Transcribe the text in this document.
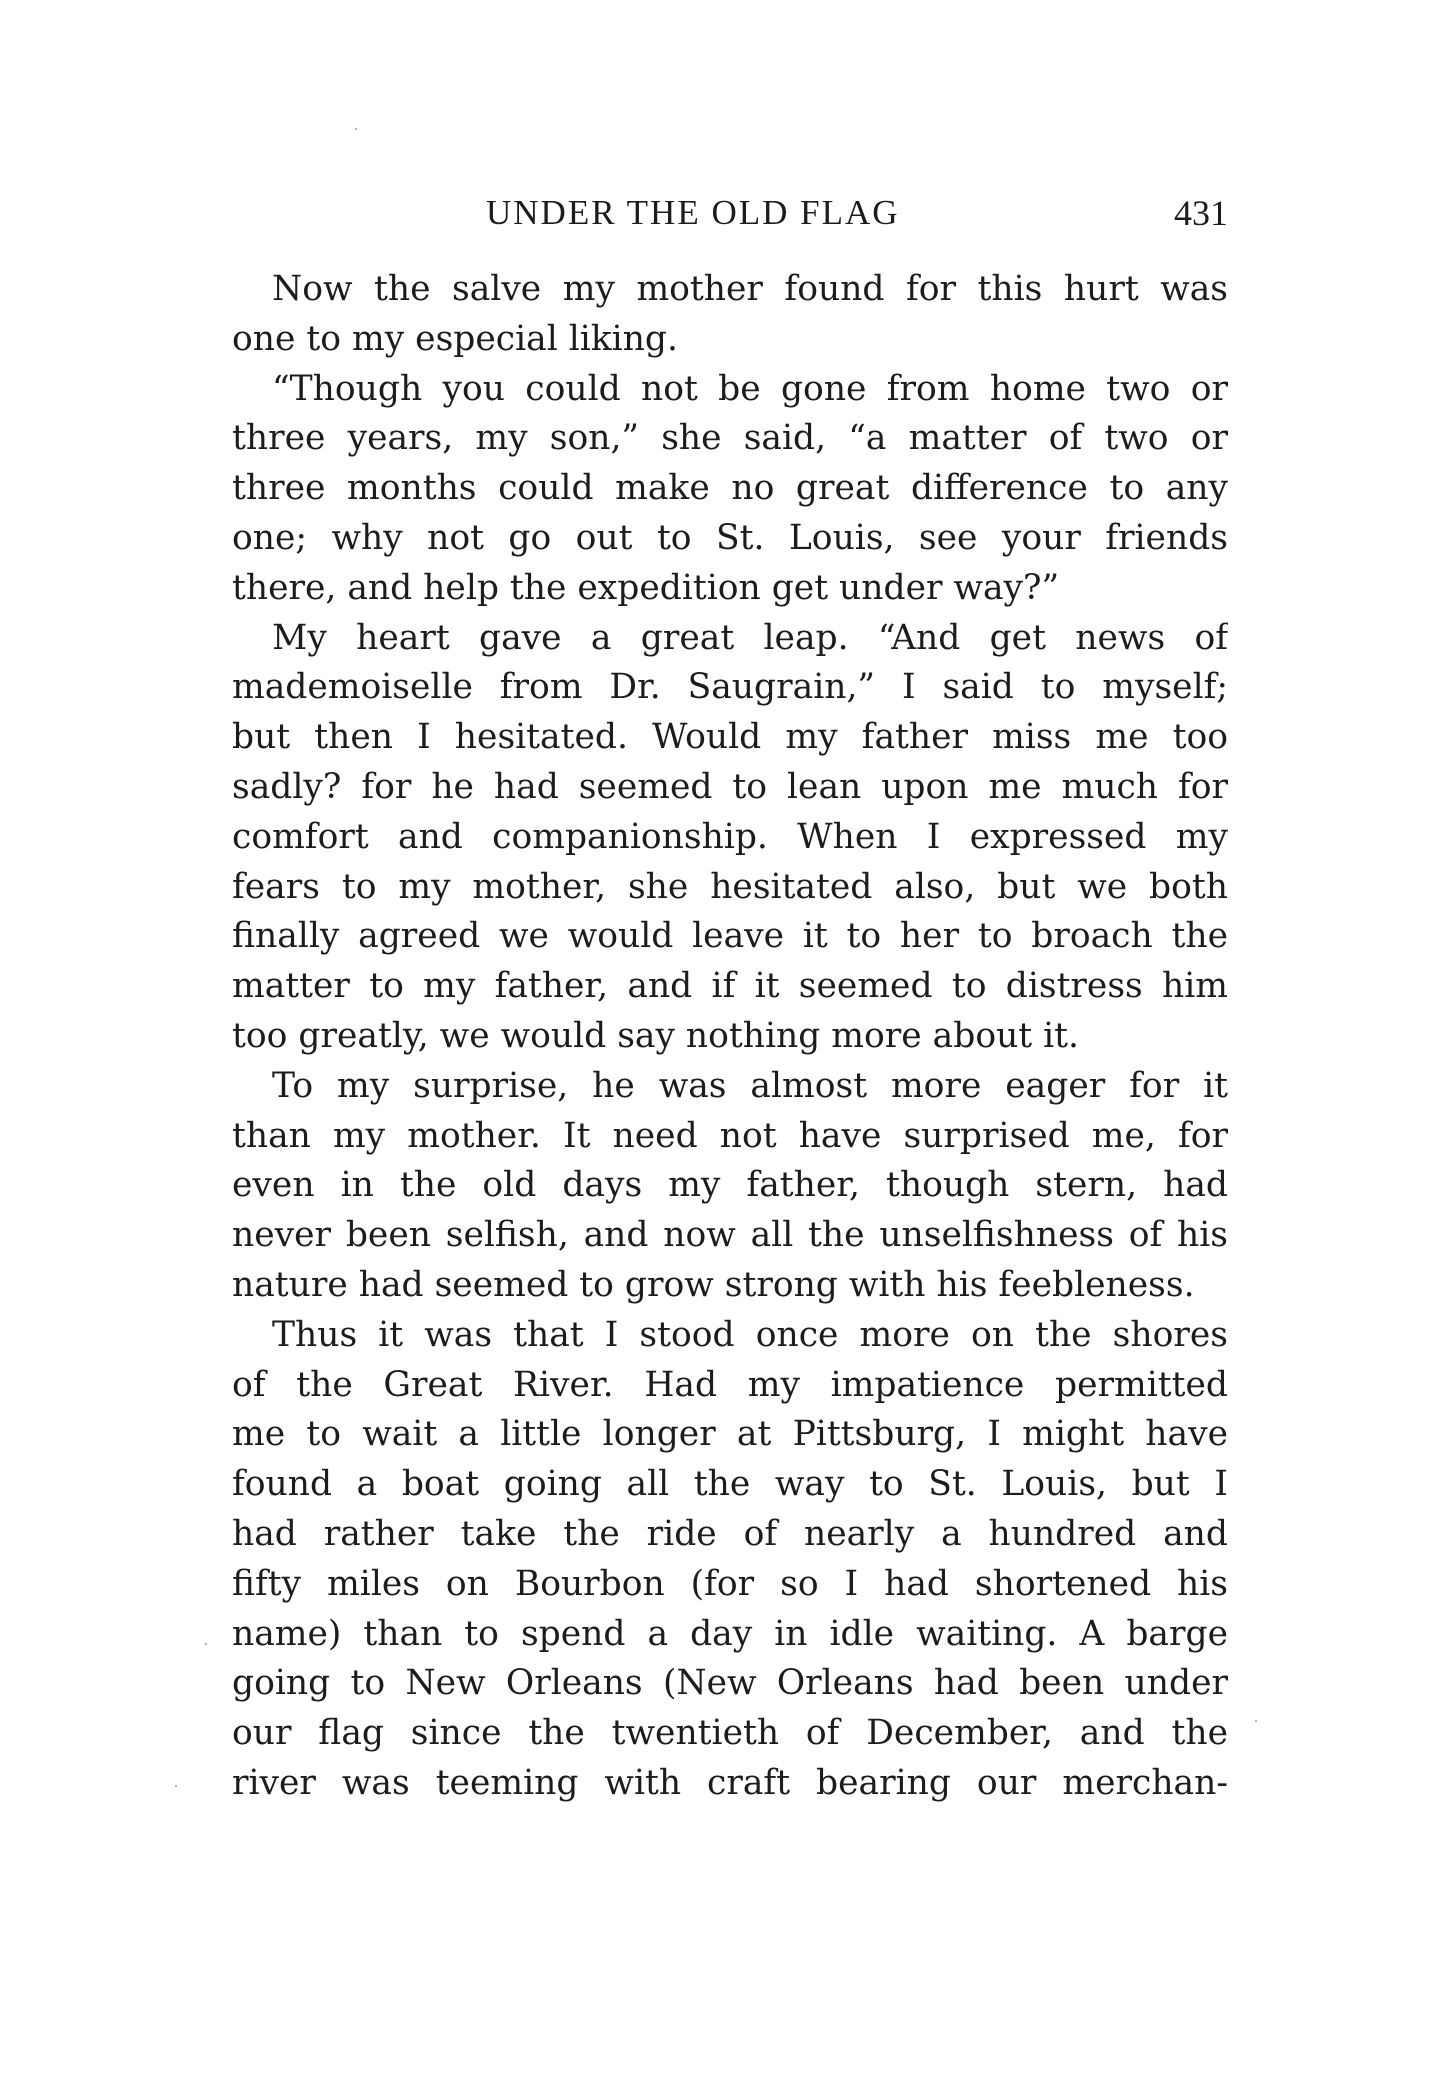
UNDER THE OLD FLAG	431
Now the salve my mother found for this hurt was
one to my especial liking.
“Though you could not be gone from home two or
three years, my son,” she said, “a matter of two or
three months could make no great difference to any
one; why not go out to St. Louis, see your friends
there, and help the expedition get under way?”
My heart gave a great leap. “And get news of
mademoiselle from Dr. Saugrain,” I said to myself;
but then I hesitated. Would my father miss me too
sadly? for he had seemed to lean upon me much for
comfort and companionship. When I expressed my
fears to my mother, she hesitated also, but we both
finally agreed we would leave it to her to broach the
matter to my father, and if it seemed to distress him
too greatly, we would say nothing more about it.
To my surprise, he was almost more eager for it
than my mother. It need not have surprised me, for
even in the old days my father, though stern, had
never been selfish, and now all the unselfishness of his
nature had seemed to grow strong with his feebleness.
Thus it was that I stood once more on the shores
of the Great River. Had my impatience permitted
me to wait a little longer at Pittsburg, I might have
found a boat going all the way to St. Louis, but I
had rather take the ride of nearly a hundred and
fifty miles on Bourbon (for so I had shortened his
name) than to spend a day in idle waiting. A barge
going to New Orleans (New Orleans had been under
our flag since the twentieth of December, and the
river was teeming with craft bearing our merchan-
